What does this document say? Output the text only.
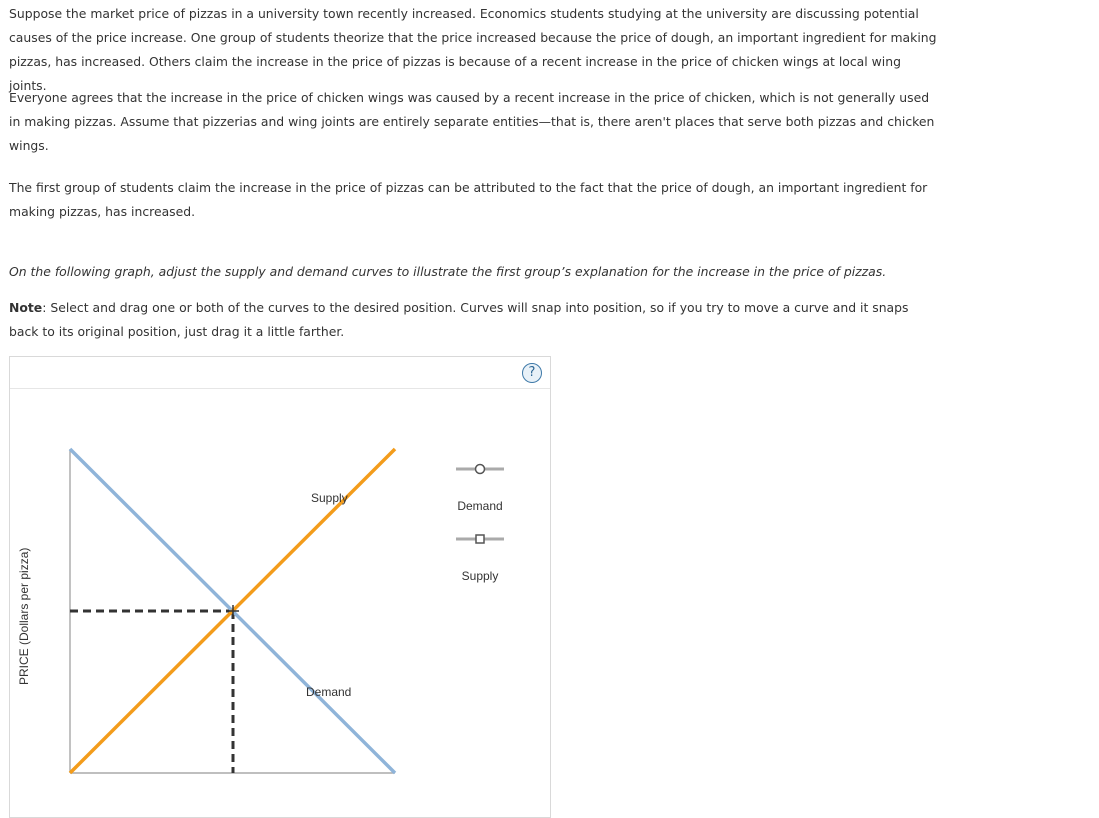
Suppose the market price of pizzas in a university town recently increased. Economics students studying at the university are discussing potential causes of the price increase. One group of students theorize that the price increased because the price of dough, an important ingredient for making pizzas, has increased. Others claim the increase in the price of pizzas is because of a recent increase in the price of chicken wings at local wing joints.

Everyone agrees that the increase in the price of chicken wings was caused by a recent increase in the price of chicken, which is not generally used in making pizzas. Assume that pizzerias and wing joints are entirely separate entities—that is, there aren't places that serve both pizzas and chicken wings.

The first group of students claim the increase in the price of pizzas can be attributed to the fact that the price of dough, an important ingredient for making pizzas, has increased.

On the following graph, adjust the supply and demand curves to illustrate the first group’s explanation for the increase in the price of pizzas.

Note: Select and drag one or both of the curves to the desired position. Curves will snap into position, so if you try to move a curve and it snaps back to its original position, just drag it a little farther.

?
PRICE (Dollars per pizza)
Supply
Demand
Demand
Supply
